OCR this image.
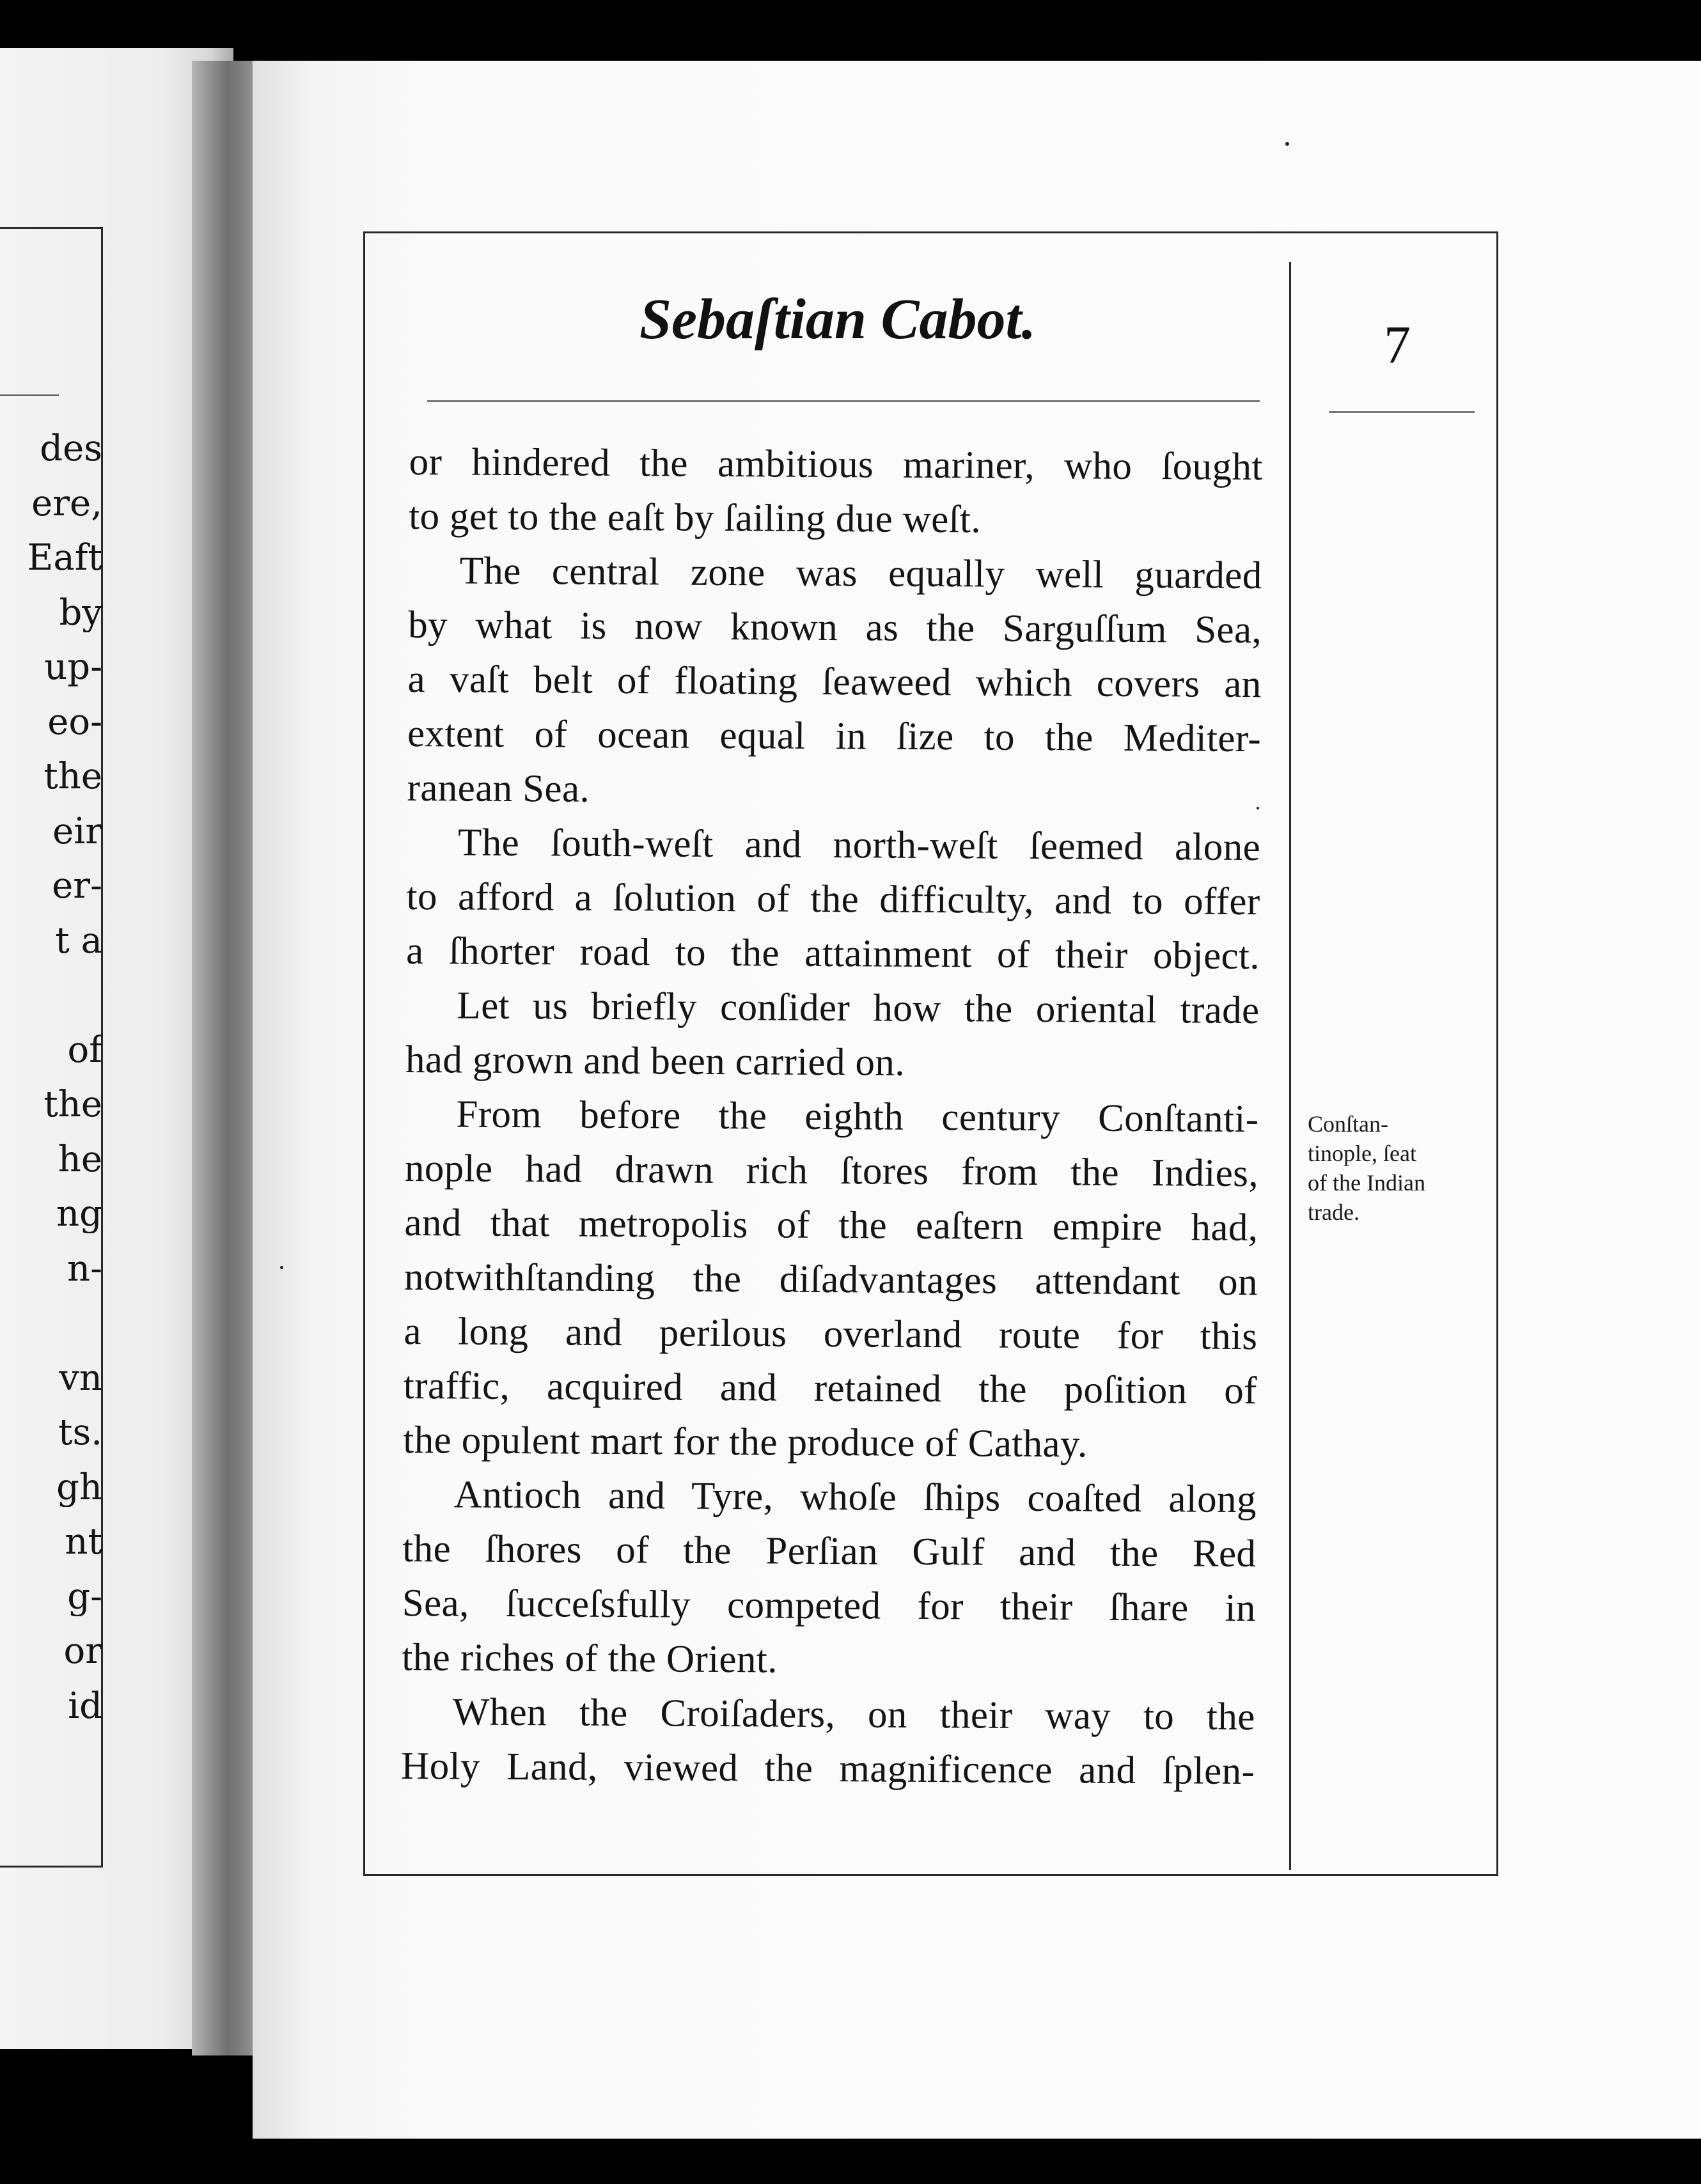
des

ere,

Eaft

by

up-

eo-

the

eir

er-

t a

of

the

he

ng

n-

vn

ts.

gh

nt

g-

or

id

Sebaſtian Cabot.	7

or hindered the ambitious mariner, who ſought

to get to the eaſt by ſailing due weſt.

The central zone was equally well guarded

by what is now known as the Sarguſſum Sea,

a vaſt belt of floating ſeaweed which covers an

extent of ocean equal in ſize to the Mediter-

ranean Sea.

The ſouth-weſt and north-weſt ſeemed alone

to afford a ſolution of the difficulty, and to offer

a ſhorter road to the attainment of their object.

Let us briefly conſider how the oriental trade

had grown and been carried on.

From before the eighth century Conſtanti-

nople had drawn rich ſtores from the Indies,

and that metropolis of the eaſtern empire had,

notwithſtanding the diſadvantages attendant on

a long and perilous overland route for this

traffic, acquired and retained the poſition of

the opulent mart for the produce of Cathay.

Antioch and Tyre, whoſe ſhips coaſted along

the ſhores of the Perſian Gulf and the Red

Sea, ſucceſsfully competed for their ſhare in

the riches of the Orient.

When the Croiſaders, on their way to the

Holy Land, viewed the magnificence and ſplen-

Conſtan-
tinople, ſeat
of the Indian
trade.
